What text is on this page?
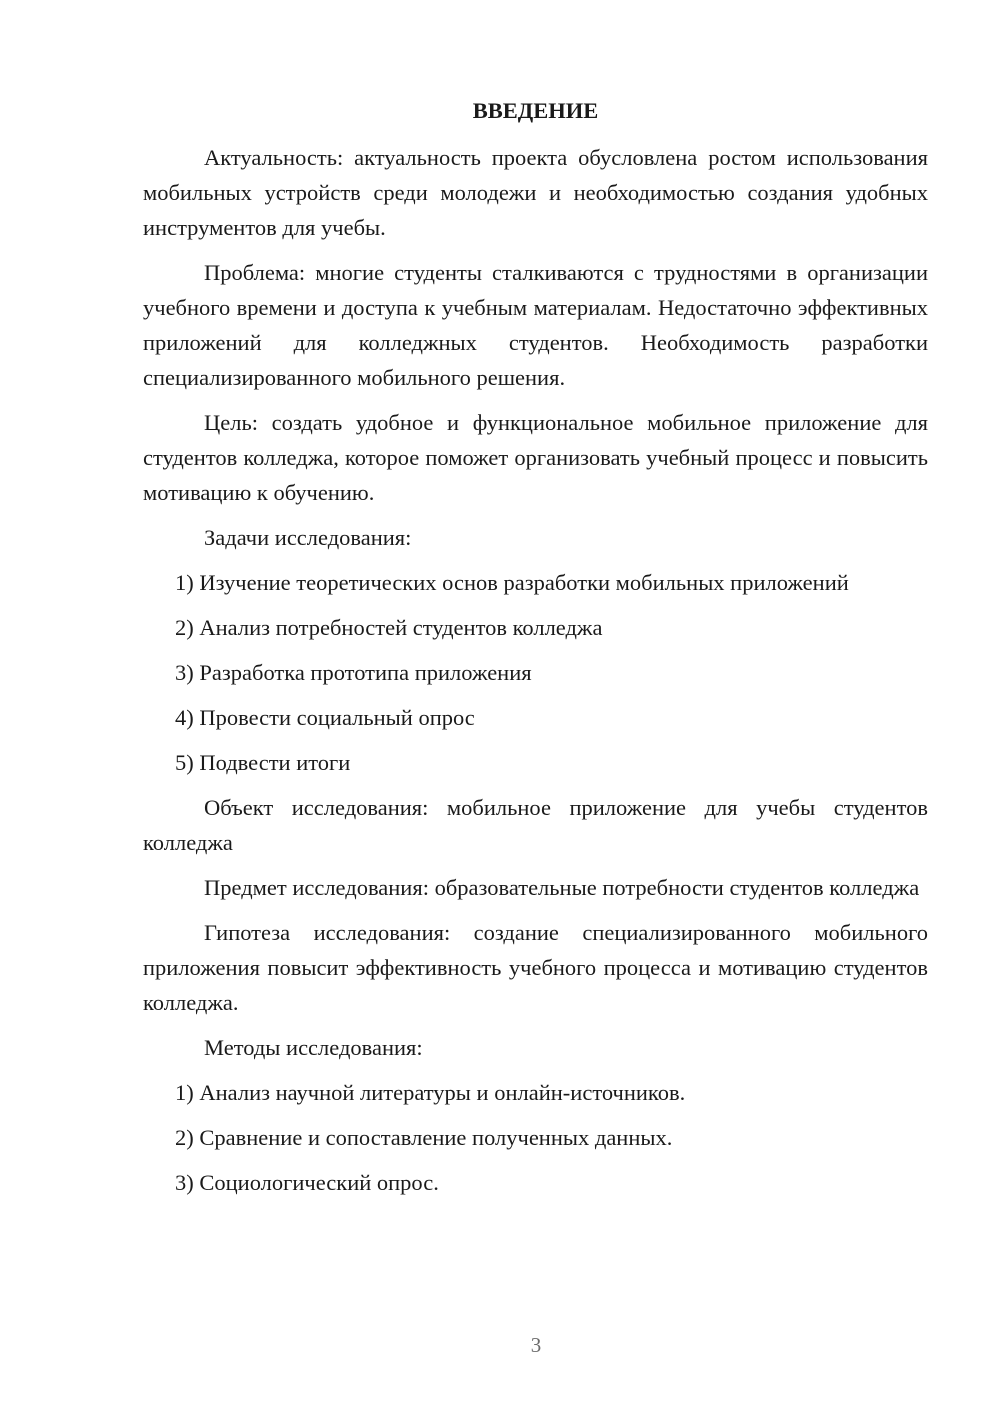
ВВЕДЕНИЕ

Актуальность: актуальность проекта обусловлена ростом использования мобильных устройств среди молодежи и необходимостью создания удобных инструментов для учебы.

Проблема: многие студенты сталкиваются с трудностями в организации учебного времени и доступа к учебным материалам. Недостаточно эффективных приложений для колледжных студентов. Необходимость разработки специализированного мобильного решения.

Цель: создать удобное и функциональное мобильное приложение для студентов колледжа, которое поможет организовать учебный процесс и повысить мотивацию к обучению.

Задачи исследования:

1) Изучение теоретических основ разработки мобильных приложений

2) Анализ потребностей студентов колледжа

3) Разработка прототипа приложения

4) Провести социальный опрос

5) Подвести итоги

Объект исследования: мобильное приложение для учебы студентов колледжа

Предмет исследования: образовательные потребности студентов колледжа

Гипотеза исследования: создание специализированного мобильного приложения повысит эффективность учебного процесса и мотивацию студентов колледжа.

Методы исследования:

1) Анализ научной литературы и онлайн-источников.

2) Сравнение и сопоставление полученных данных.

3) Социологический опрос.

3
